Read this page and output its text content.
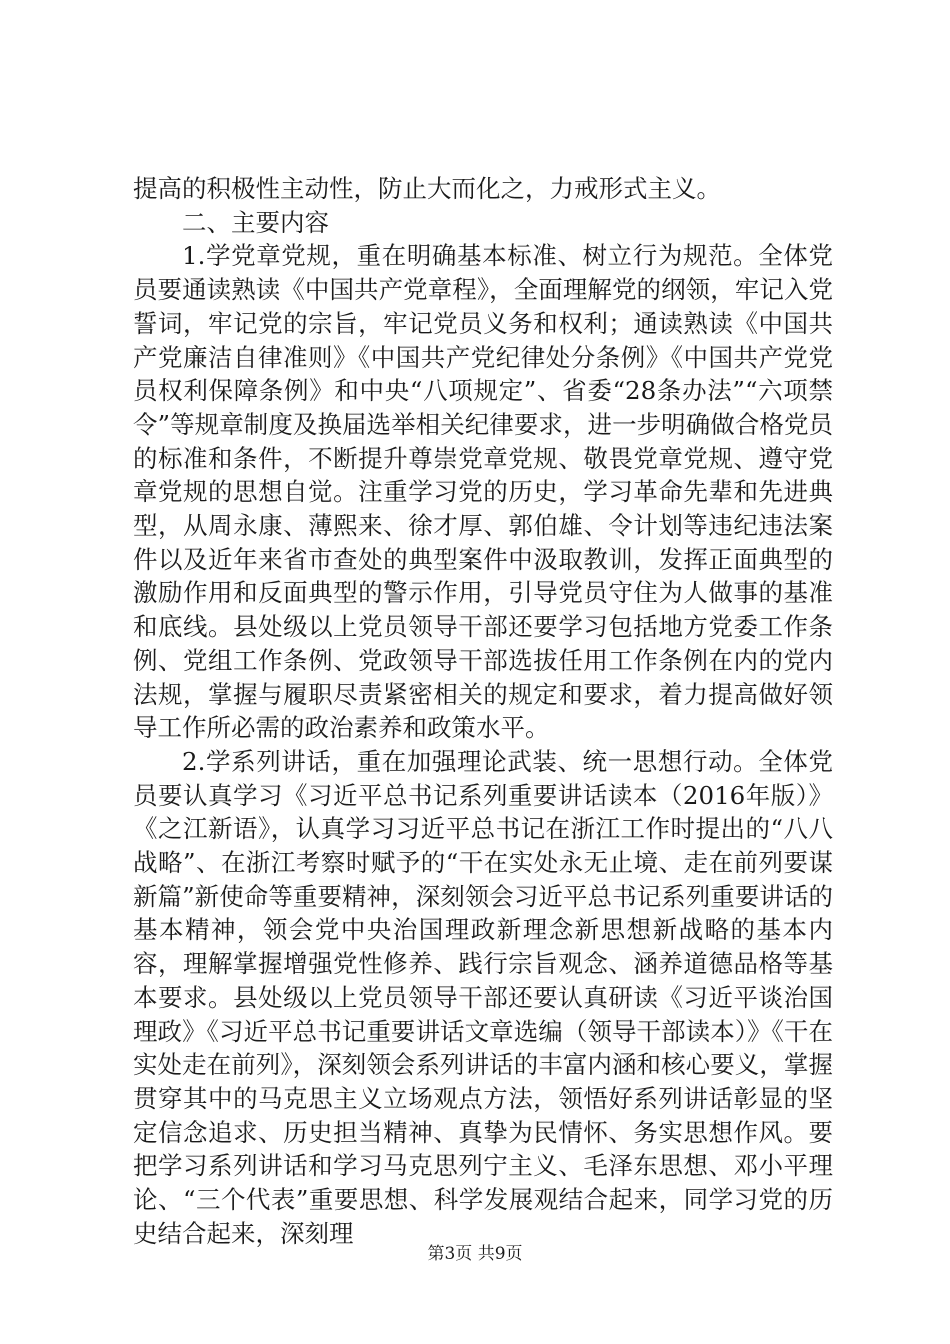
提高的积极性主动性，防止大而化之，力戒形式主义。

二、主要内容

1.学党章党规，重在明确基本标准、树立行为规范。全体党员要通读熟读《中国共产党章程》，全面理解党的纲领，牢记入党誓词，牢记党的宗旨，牢记党员义务和权利；通读熟读《中国共产党廉洁自律准则》《中国共产党纪律处分条例》《中国共产党党员权利保障条例》和中央“八项规定”、省委“28条办法”“六项禁令”等规章制度及换届选举相关纪律要求，进一步明确做合格党员的标准和条件，不断提升尊崇党章党规、敬畏党章党规、遵守党章党规的思想自觉。注重学习党的历史，学习革命先辈和先进典型，从周永康、薄熙来、徐才厚、郭伯雄、令计划等违纪违法案件以及近年来省市查处的典型案件中汲取教训，发挥正面典型的激励作用和反面典型的警示作用，引导党员守住为人做事的基准和底线。县处级以上党员领导干部还要学习包括地方党委工作条例、党组工作条例、党政领导干部选拔任用工作条例在内的党内法规，掌握与履职尽责紧密相关的规定和要求，着力提高做好领导工作所必需的政治素养和政策水平。

2.学系列讲话，重在加强理论武装、统一思想行动。全体党员要认真学习《习近平总书记系列重要讲话读本（2016年版）》《之江新语》，认真学习习近平总书记在浙江工作时提出的“八八战略”、在浙江考察时赋予的“干在实处永无止境、走在前列要谋新篇”新使命等重要精神，深刻领会习近平总书记系列重要讲话的基本精神，领会党中央治国理政新理念新思想新战略的基本内容，理解掌握增强党性修养、践行宗旨观念、涵养道德品格等基本要求。县处级以上党员领导干部还要认真研读《习近平谈治国理政》《习近平总书记重要讲话文章选编（领导干部读本）》《干在实处走在前列》，深刻领会系列讲话的丰富内涵和核心要义，掌握贯穿其中的马克思主义立场观点方法，领悟好系列讲话彰显的坚定信念追求、历史担当精神、真挚为民情怀、务实思想作风。要把学习系列讲话和学习马克思列宁主义、毛泽东思想、邓小平理论、“三个代表”重要思想、科学发展观结合起来，同学习党的历史结合起来，深刻理

第3页 共9页
